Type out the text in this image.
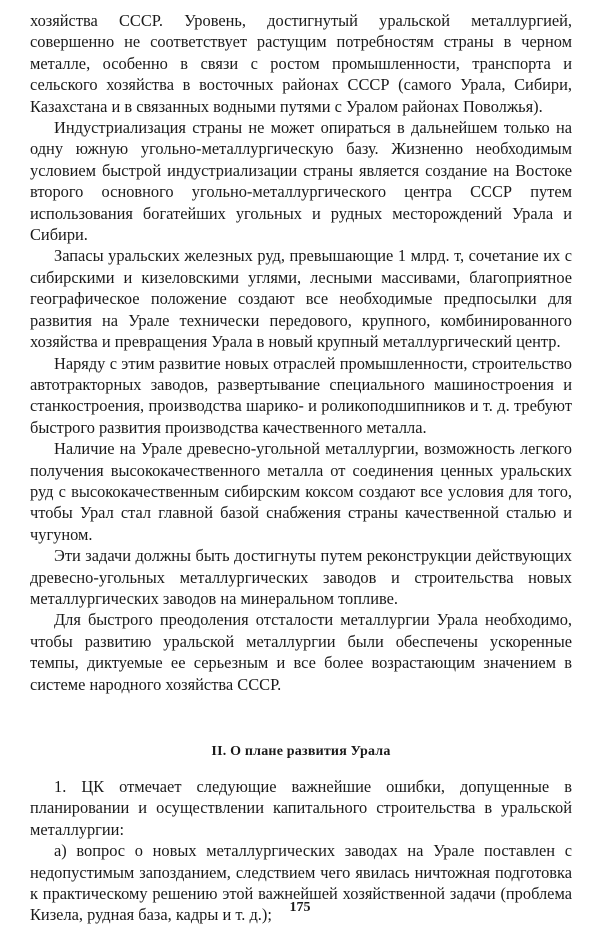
хозяйства СССР. Уровень, достигнутый уральской металлургией, совершенно не соответствует растущим потребностям страны в черном металле, особенно в связи с ростом промышленности, транспорта и сельского хозяйства в восточных районах СССР (самого Урала, Сибири, Казахстана и в связанных водными путями с Уралом районах Поволжья).

Индустриализация страны не может опираться в дальнейшем только на одну южную угольно-металлургическую базу. Жизненно необходимым условием быстрой индустриализации страны является создание на Востоке второго основного угольно-металлургического центра СССР путем использования богатейших угольных и рудных месторождений Урала и Сибири.

Запасы уральских железных руд, превышающие 1 млрд. т, сочетание их с сибирскими и кизеловскими углями, лесными массивами, благоприятное географическое положение создают все необходимые предпосылки для развития на Урале технически передового, крупного, комбинированного хозяйства и превращения Урала в новый крупный металлургический центр.

Наряду с этим развитие новых отраслей промышленности, строительство автотракторных заводов, развертывание специального машиностроения и станкостроения, производства шарико- и роликоподшипников и т. д. требуют быстрого развития производства качественного металла.

Наличие на Урале древесно-угольной металлургии, возможность легкого получения высококачественного металла от соединения ценных уральских руд с высококачественным сибирским коксом создают все условия для того, чтобы Урал стал главной базой снабжения страны качественной сталью и чугуном.

Эти задачи должны быть достигнуты путем реконструкции действующих древесно-угольных металлургических заводов и строительства новых металлургических заводов на минеральном топливе.

Для быстрого преодоления отсталости металлургии Урала необходимо, чтобы развитию уральской металлургии были обеспечены ускоренные темпы, диктуемые ее серьезным и все более возрастающим значением в системе народного хозяйства СССР.

II. О плане развития Урала

1. ЦК отмечает следующие важнейшие ошибки, допущенные в планировании и осуществлении капитального строительства в уральской металлургии:

а) вопрос о новых металлургических заводах на Урале поставлен с недопустимым запозданием, следствием чего явилась ничтожная подготовка к практическому решению этой важнейшей хозяйственной задачи (проблема Кизела, рудная база, кадры и т. д.);	175
